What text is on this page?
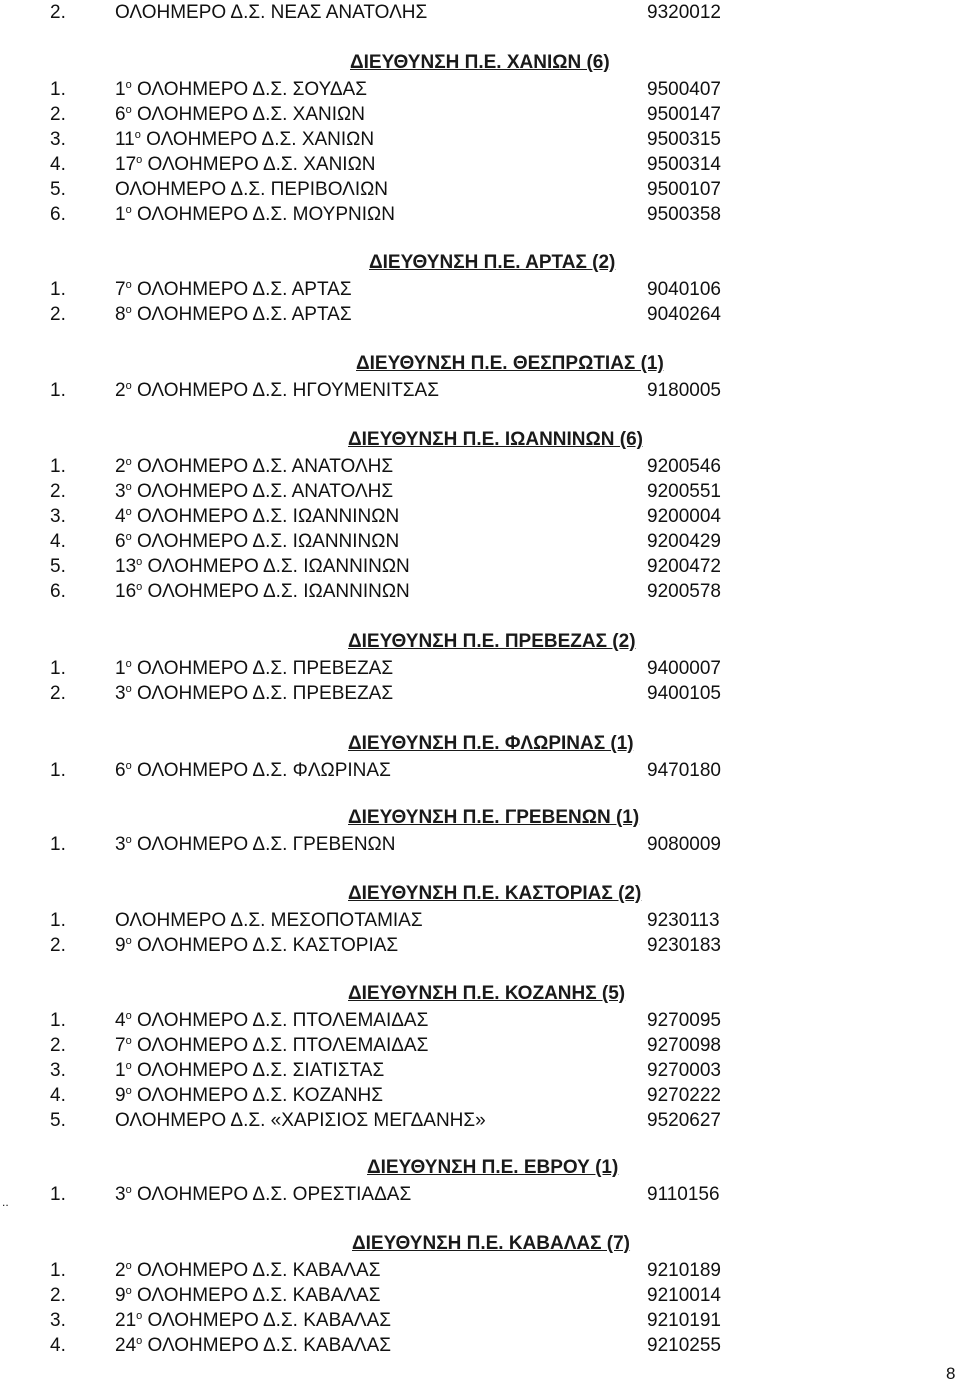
2.	ΟΛΟΗΜΕΡΟ Δ.Σ. ΝΕΑΣ ΑΝΑΤΟΛΗΣ	9320012
..
8
ΔΙΕΥΘΥΝΣΗ Π.Ε. ΧΑΝΙΩΝ (6)
1.	$1^o$ ΟΛΟΗΜΕΡΟ Δ.Σ. ΣΟΥΔΑΣ	9500407
2.	$6^o$ ΟΛΟΗΜΕΡΟ Δ.Σ. ΧΑΝΙΩΝ	9500147
3.	$11^o$ ΟΛΟΗΜΕΡΟ Δ.Σ. ΧΑΝΙΩΝ	9500315
4.	$17^o$ ΟΛΟΗΜΕΡΟ Δ.Σ. ΧΑΝΙΩΝ	9500314
5.	ΟΛΟΗΜΕΡΟ Δ.Σ. ΠΕΡΙΒΟΛΙΩΝ	9500107
6.	$1^o$ ΟΛΟΗΜΕΡΟ Δ.Σ. ΜΟΥΡΝΙΩΝ	9500358
ΔΙΕΥΘΥΝΣΗ Π.Ε. ΑΡΤΑΣ (2)
1.	$7^o$ ΟΛΟΗΜΕΡΟ Δ.Σ. ΑΡΤΑΣ	9040106
2.	$8^o$ ΟΛΟΗΜΕΡΟ Δ.Σ. ΑΡΤΑΣ	9040264
ΔΙΕΥΘΥΝΣΗ Π.Ε. ΘΕΣΠΡΩΤΙΑΣ (1)
1.	$2^o$ ΟΛΟΗΜΕΡΟ Δ.Σ. ΗΓΟΥΜΕΝΙΤΣΑΣ	9180005
ΔΙΕΥΘΥΝΣΗ Π.Ε. ΙΩΑΝΝΙΝΩΝ (6)
1.	$2^o$ ΟΛΟΗΜΕΡΟ Δ.Σ. ΑΝΑΤΟΛΗΣ	9200546
2.	$3^o$ ΟΛΟΗΜΕΡΟ Δ.Σ. ΑΝΑΤΟΛΗΣ	9200551
3.	$4^o$ ΟΛΟΗΜΕΡΟ Δ.Σ. ΙΩΑΝΝΙΝΩΝ	9200004
4.	$6^o$ ΟΛΟΗΜΕΡΟ Δ.Σ. ΙΩΑΝΝΙΝΩΝ	9200429
5.	$13^o$ ΟΛΟΗΜΕΡΟ Δ.Σ. ΙΩΑΝΝΙΝΩΝ	9200472
6.	$16^o$ ΟΛΟΗΜΕΡΟ Δ.Σ. ΙΩΑΝΝΙΝΩΝ	9200578
ΔΙΕΥΘΥΝΣΗ Π.Ε. ΠΡΕΒΕΖΑΣ (2)
1.	$1^o$ ΟΛΟΗΜΕΡΟ Δ.Σ. ΠΡΕΒΕΖΑΣ	9400007
2.	$3^o$ ΟΛΟΗΜΕΡΟ Δ.Σ. ΠΡΕΒΕΖΑΣ	9400105
ΔΙΕΥΘΥΝΣΗ Π.Ε. ΦΛΩΡΙΝΑΣ (1)
1.	$6^o$ ΟΛΟΗΜΕΡΟ Δ.Σ. ΦΛΩΡΙΝΑΣ	9470180
ΔΙΕΥΘΥΝΣΗ Π.Ε. ΓΡΕΒΕΝΩΝ (1)
1.	$3^o$ ΟΛΟΗΜΕΡΟ Δ.Σ. ΓΡΕΒΕΝΩΝ	9080009
ΔΙΕΥΘΥΝΣΗ Π.Ε. ΚΑΣΤΟΡΙΑΣ (2)
1.	ΟΛΟΗΜΕΡΟ Δ.Σ. ΜΕΣΟΠΟΤΑΜΙΑΣ	9230113
2.	$9^o$ ΟΛΟΗΜΕΡΟ Δ.Σ. ΚΑΣΤΟΡΙΑΣ	9230183
ΔΙΕΥΘΥΝΣΗ Π.Ε. ΚΟΖΑΝΗΣ (5)
1.	$4^o$ ΟΛΟΗΜΕΡΟ Δ.Σ. ΠΤΟΛΕΜΑΙΔΑΣ	9270095
2.	$7^o$ ΟΛΟΗΜΕΡΟ Δ.Σ. ΠΤΟΛΕΜΑΙΔΑΣ	9270098
3.	$1^o$ ΟΛΟΗΜΕΡΟ Δ.Σ. ΣΙΑΤΙΣΤΑΣ	9270003
4.	$9^o$ ΟΛΟΗΜΕΡΟ Δ.Σ. ΚΟΖΑΝΗΣ	9270222
5.	ΟΛΟΗΜΕΡΟ Δ.Σ. «ΧΑΡΙΣΙΟΣ ΜΕΓΔΑΝΗΣ»	9520627
ΔΙΕΥΘΥΝΣΗ Π.Ε. ΕΒΡΟΥ (1)
1.	$3^o$ ΟΛΟΗΜΕΡΟ Δ.Σ. ΟΡΕΣΤΙΑΔΑΣ	9110156
ΔΙΕΥΘΥΝΣΗ Π.Ε. ΚΑΒΑΛΑΣ (7)
1.	$2^o$ ΟΛΟΗΜΕΡΟ Δ.Σ. ΚΑΒΑΛΑΣ	9210189
2.	$9^o$ ΟΛΟΗΜΕΡΟ Δ.Σ. ΚΑΒΑΛΑΣ	9210014
3.	$21^o$ ΟΛΟΗΜΕΡΟ Δ.Σ. ΚΑΒΑΛΑΣ	9210191
4.	$24^o$ ΟΛΟΗΜΕΡΟ Δ.Σ. ΚΑΒΑΛΑΣ	9210255
